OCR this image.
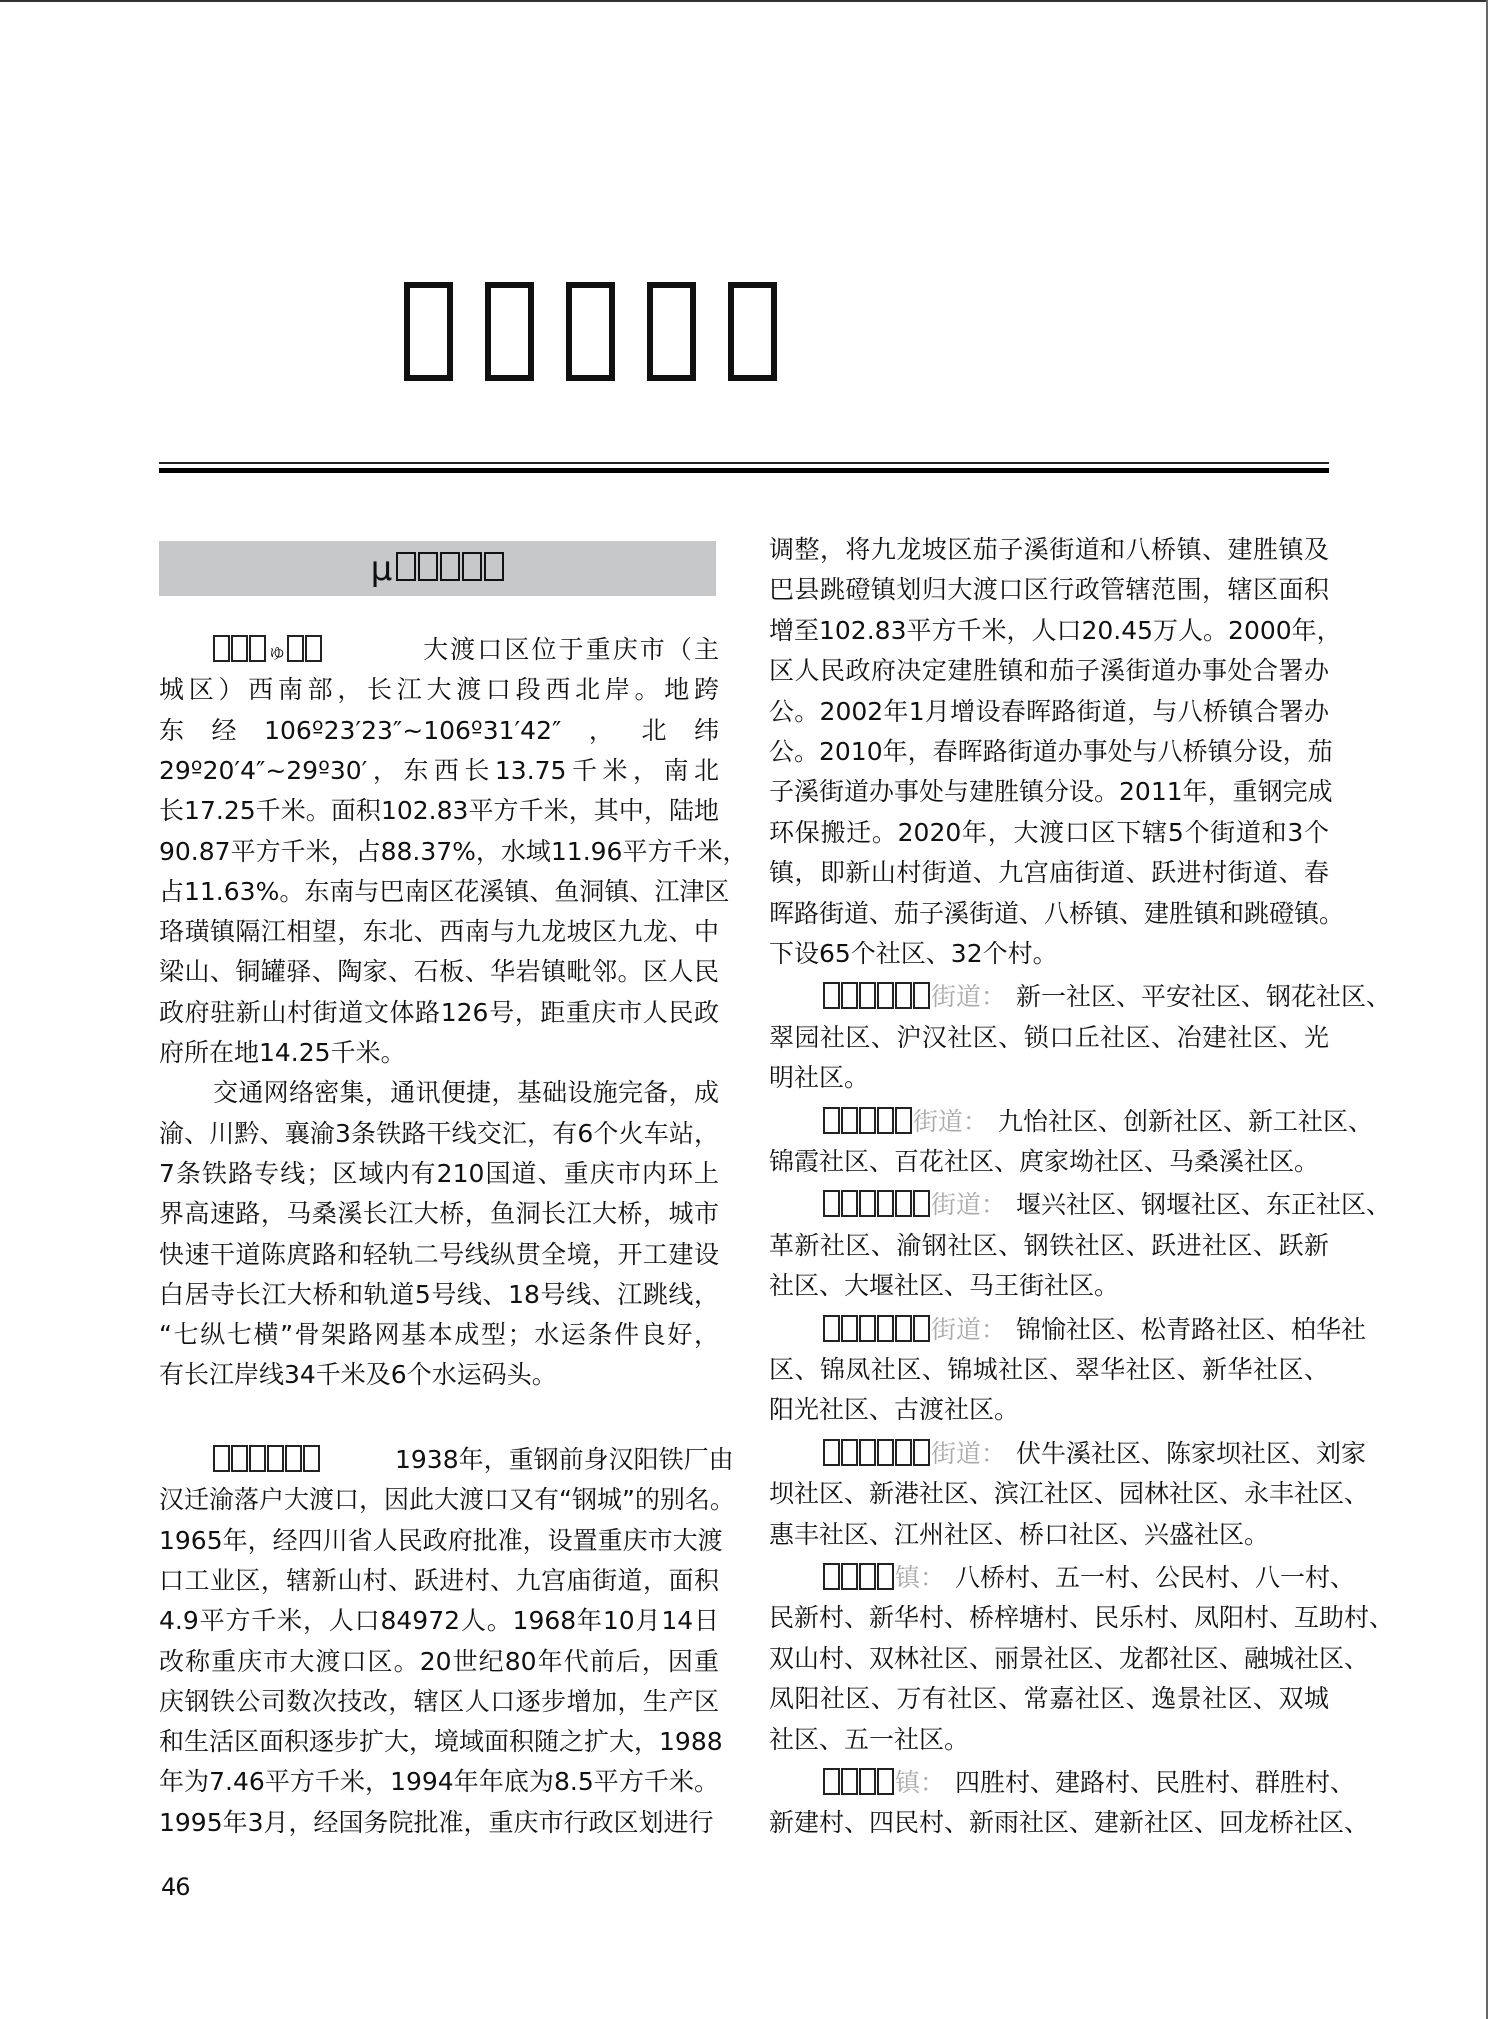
μ
ゅ	大渡口区位于重庆市（主
城区）西南部，长江大渡口段西北岸。地跨
东经106º23′23″~106º31′42″，北纬
29º20′4″~29º30′，东西长13.75千米，南北
长17.25千米。面积102.83平方千米，其中，陆地
90.87平方千米，占88.37%，水域11.96平方千米，
占11.63%。东南与巴南区花溪镇、鱼洞镇、江津区
珞璜镇隔江相望，东北、西南与九龙坡区九龙、中
梁山、铜罐驿、陶家、石板、华岩镇毗邻。区人民
政府驻新山村街道文体路126号，距重庆市人民政
府所在地14.25千米。
交通网络密集，通讯便捷，基础设施完备，成
渝、川黔、襄渝3条铁路干线交汇，有6个火车站，
7条铁路专线；区域内有210国道、重庆市内环上
界高速路，马桑溪长江大桥，鱼洞长江大桥，城市
快速干道陈庹路和轻轨二号线纵贯全境，开工建设
白居寺长江大桥和轨道5号线、18号线、江跳线，
“七纵七横”骨架路网基本成型；水运条件良好，
有长江岸线34千米及6个水运码头。
1938年，重钢前身汉阳铁厂由
汉迁渝落户大渡口，因此大渡口又有“钢城”的别名。
1965年，经四川省人民政府批准，设置重庆市大渡
口工业区，辖新山村、跃进村、九宫庙街道，面积
4.9平方千米，人口84972人。1968年10月14日
改称重庆市大渡口区。20世纪80年代前后，因重
庆钢铁公司数次技改，辖区人口逐步增加，生产区
和生活区面积逐步扩大，境域面积随之扩大，1988
年为7.46平方千米，1994年年底为8.5平方千米。
1995年3月，经国务院批准，重庆市行政区划进行
调整，将九龙坡区茄子溪街道和八桥镇、建胜镇及
巴县跳磴镇划归大渡口区行政管辖范围，辖区面积
增至102.83平方千米，人口20.45万人。2000年，
区人民政府决定建胜镇和茄子溪街道办事处合署办
公。2002年1月增设春晖路街道，与八桥镇合署办
公。2010年，春晖路街道办事处与八桥镇分设，茄
子溪街道办事处与建胜镇分设。2011年，重钢完成
环保搬迁。2020年，大渡口区下辖5个街道和3个
镇，即新山村街道、九宫庙街道、跃进村街道、春
晖路街道、茄子溪街道、八桥镇、建胜镇和跳磴镇。
下设65个社区、32个村。
街道： 新一社区、平安社区、钢花社区、
翠园社区、沪汉社区、锁口丘社区、冶建社区、光
明社区。
街道： 九怡社区、创新社区、新工社区、
锦霞社区、百花社区、庹家坳社区、马桑溪社区。
街道： 堰兴社区、钢堰社区、东正社区、
革新社区、渝钢社区、钢铁社区、跃进社区、跃新
社区、大堰社区、马王街社区。
街道： 锦愉社区、松青路社区、柏华社
区、锦凤社区、锦城社区、翠华社区、新华社区、
阳光社区、古渡社区。
街道： 伏牛溪社区、陈家坝社区、刘家
坝社区、新港社区、滨江社区、园林社区、永丰社区、
惠丰社区、江州社区、桥口社区、兴盛社区。
镇： 八桥村、五一村、公民村、八一村、
民新村、新华村、桥梓塘村、民乐村、凤阳村、互助村、
双山村、双林社区、丽景社区、龙都社区、融城社区、
凤阳社区、万有社区、常嘉社区、逸景社区、双城
社区、五一社区。
镇： 四胜村、建路村、民胜村、群胜村、
新建村、四民村、新雨社区、建新社区、回龙桥社区、
46
